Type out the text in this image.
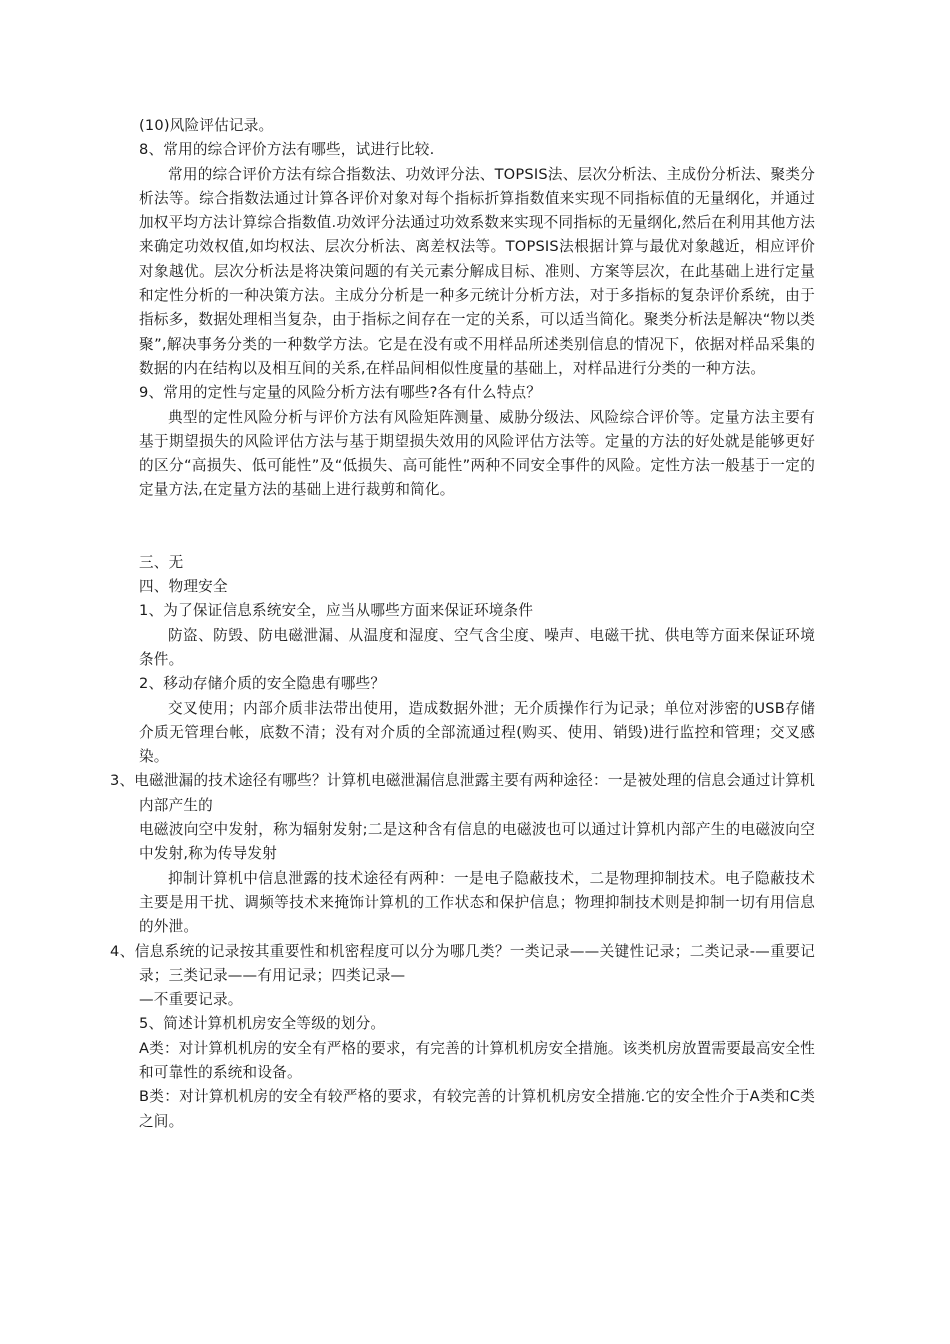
(10)风险评估记录。

8、常用的综合评价方法有哪些，试进行比较.

常用的综合评价方法有综合指数法、功效评分法、TOPSIS法、层次分析法、主成份分析法、聚类分析法等。综合指数法通过计算各评价对象对每个指标折算指数值来实现不同指标值的无量纲化，并通过加权平均方法计算综合指数值.功效评分法通过功效系数来实现不同指标的无量纲化,然后在利用其他方法来确定功效权值,如均权法、层次分析法、离差权法等。TOPSIS法根据计算与最优对象越近，相应评价对象越优。层次分析法是将决策问题的有关元素分解成目标、准则、方案等层次，在此基础上进行定量和定性分析的一种决策方法。主成分分析是一种多元统计分析方法，对于多指标的复杂评价系统，由于指标多，数据处理相当复杂，由于指标之间存在一定的关系，可以适当简化。聚类分析法是解决“物以类聚”,解决事务分类的一种数学方法。它是在没有或不用样品所述类别信息的情况下，依据对样品采集的数据的内在结构以及相互间的关系,在样品间相似性度量的基础上，对样品进行分类的一种方法。

9、常用的定性与定量的风险分析方法有哪些?各有什么特点？

典型的定性风险分析与评价方法有风险矩阵测量、威胁分级法、风险综合评价等。定量方法主要有基于期望损失的风险评估方法与基于期望损失效用的风险评估方法等。定量的方法的好处就是能够更好的区分“高损失、低可能性”及“低损失、高可能性”两种不同安全事件的风险。定性方法一般基于一定的定量方法,在定量方法的基础上进行裁剪和简化。

三、无

四、物理安全

1、为了保证信息系统安全，应当从哪些方面来保证环境条件

防盗、防毁、防电磁泄漏、从温度和湿度、空气含尘度、噪声、电磁干扰、供电等方面来保证环境条件。

2、移动存储介质的安全隐患有哪些？

交叉使用；内部介质非法带出使用，造成数据外泄；无介质操作行为记录；单位对涉密的USB存储介质无管理台帐，底数不清；没有对介质的全部流通过程(购买、使用、销毁)进行监控和管理；交叉感染。

3、电磁泄漏的技术途径有哪些？计算机电磁泄漏信息泄露主要有两种途径：一是被处理的信息会通过计算机内部产生的

电磁波向空中发射，称为辐射发射;二是这种含有信息的电磁波也可以通过计算机内部产生的电磁波向空中发射,称为传导发射

抑制计算机中信息泄露的技术途径有两种：一是电子隐蔽技术，二是物理抑制技术。电子隐蔽技术主要是用干扰、调频等技术来掩饰计算机的工作状态和保护信息；物理抑制技术则是抑制一切有用信息的外泄。

4、信息系统的记录按其重要性和机密程度可以分为哪几类？一类记录——关键性记录；二类记录-—重要记录；三类记录——有用记录；四类记录—

—不重要记录。

5、简述计算机机房安全等级的划分。

A类：对计算机机房的安全有严格的要求，有完善的计算机机房安全措施。该类机房放置需要最高安全性和可靠性的系统和设备。

B类：对计算机机房的安全有较严格的要求，有较完善的计算机机房安全措施.它的安全性介于A类和C类之间。
